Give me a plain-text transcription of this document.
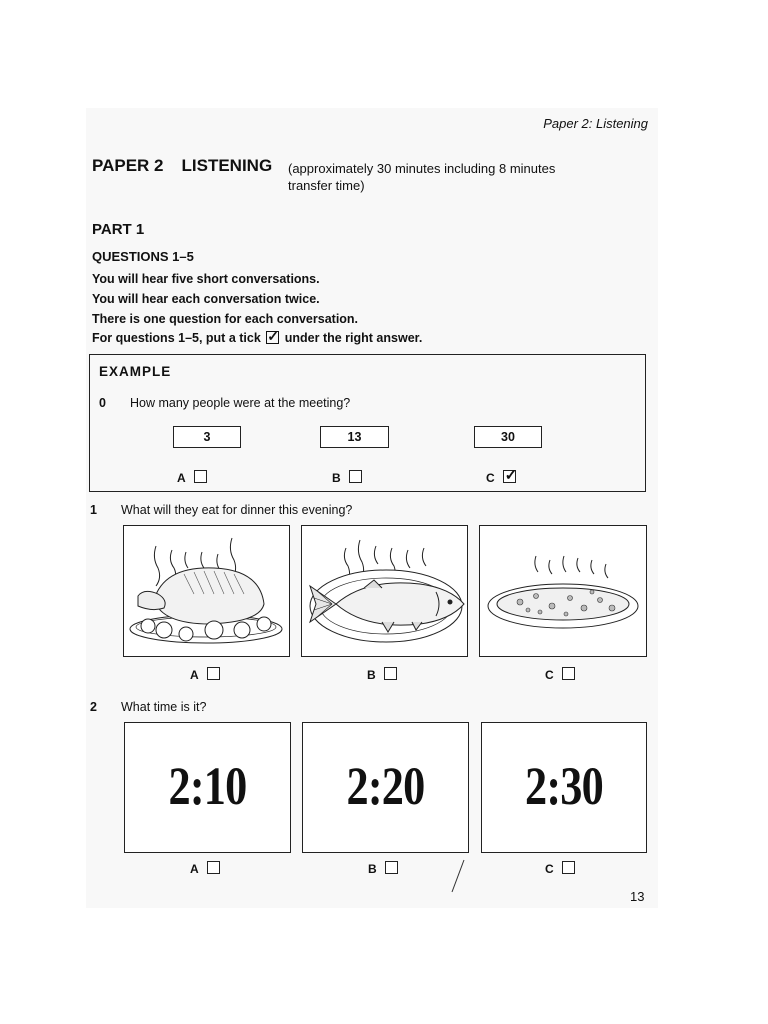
Paper 2: Listening
PAPER 2 LISTENING (approximately 30 minutes including 8 minutes
transfer time)
PART 1
QUESTIONS 1–5
You will hear five short conversations.
You will hear each conversation twice.
There is one question for each conversation.
For questions 1–5, put a tick ✓ under the right answer.
EXAMPLE
0 How many people were at the meeting?
3	13	30
A	B	C✓
1 What will they eat for dinner this evening?
A	B	C
2 What time is it?
2:10	2:20	2:30
A	B	C
13
